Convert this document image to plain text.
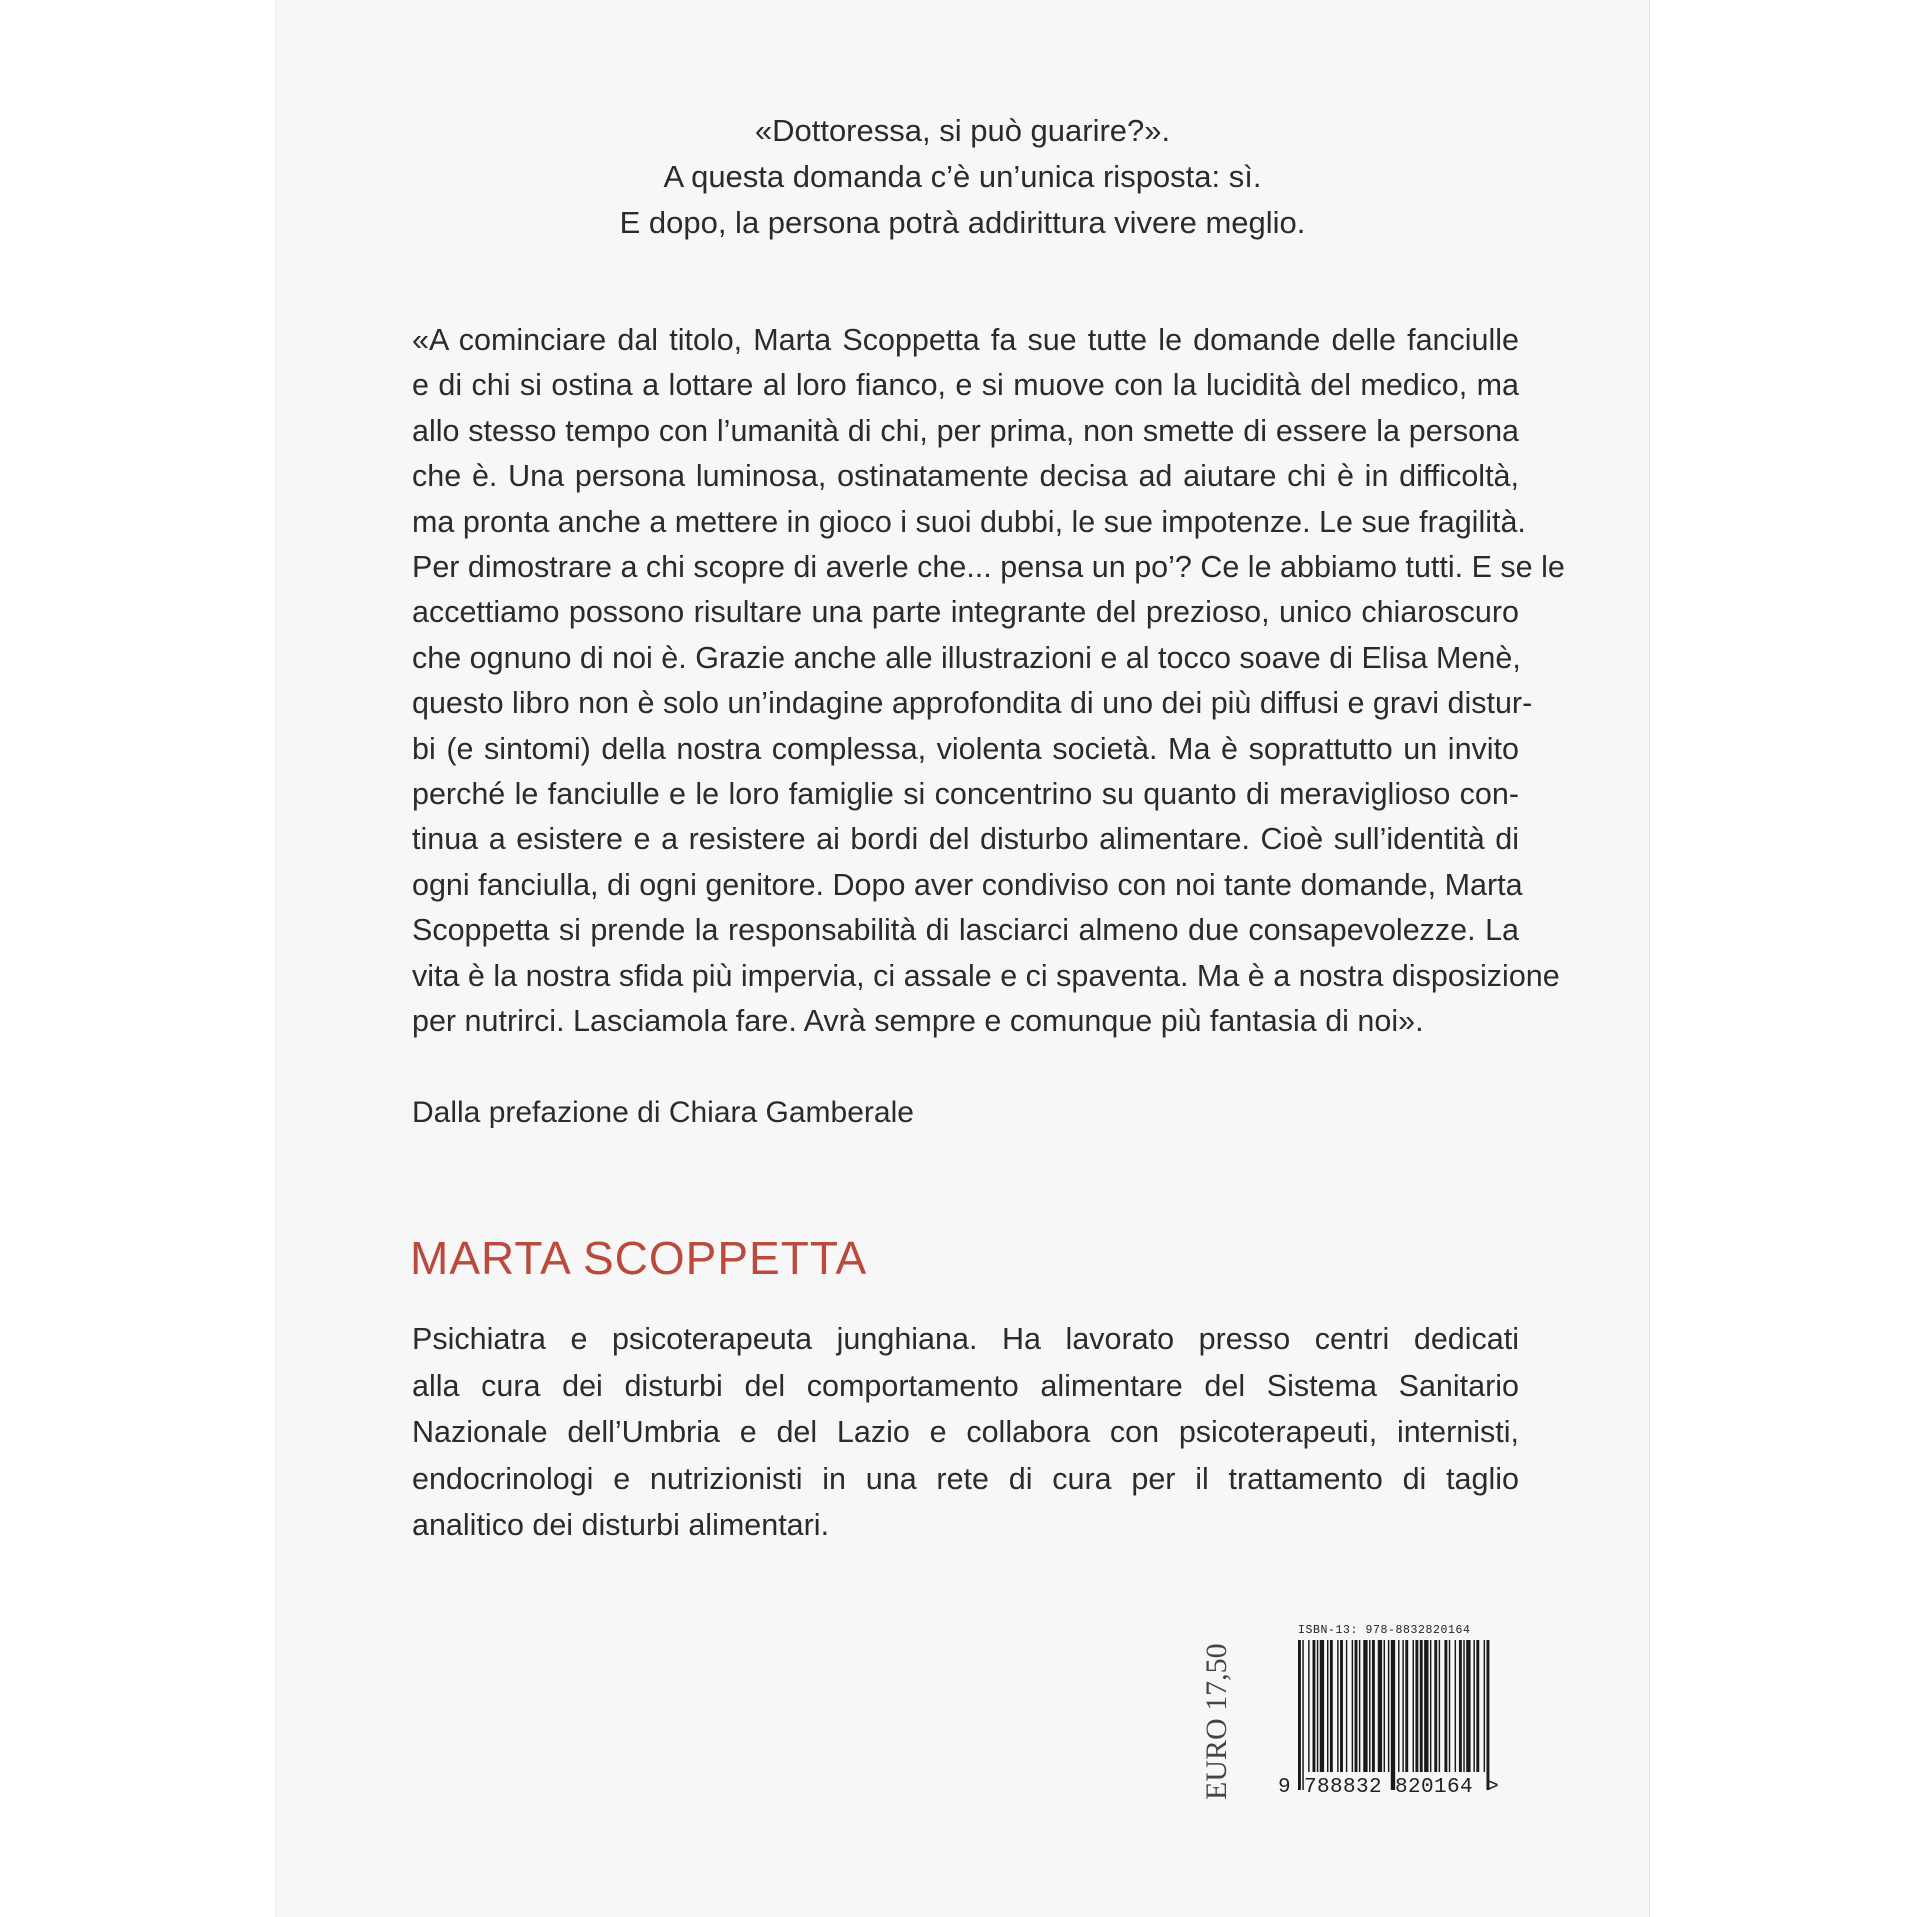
«Dottoressa, si può guarire?».
A questa domanda c’è un’unica risposta: sì.
E dopo, la persona potrà addirittura vivere meglio.
«A cominciare dal titolo, Marta Scoppetta fa sue tutte le domande delle fanciulle
e di chi si ostina a lottare al loro fianco, e si muove con la lucidità del medico, ma
allo stesso tempo con l’umanità di chi, per prima, non smette di essere la persona
che è. Una persona luminosa, ostinatamente decisa ad aiutare chi è in difficoltà,
ma pronta anche a mettere in gioco i suoi dubbi, le sue impotenze. Le sue fragilità.
Per dimostrare a chi scopre di averle che... pensa un po’? Ce le abbiamo tutti. E se le
accettiamo possono risultare una parte integrante del prezioso, unico chiaroscuro
che ognuno di noi è. Grazie anche alle illustrazioni e al tocco soave di Elisa Menè,
questo libro non è solo un’indagine approfondita di uno dei più diffusi e gravi distur-
bi (e sintomi) della nostra complessa, violenta società. Ma è soprattutto un invito
perché le fanciulle e le loro famiglie si concentrino su quanto di meraviglioso con-
tinua a esistere e a resistere ai bordi del disturbo alimentare. Cioè sull’identità di
ogni fanciulla, di ogni genitore. Dopo aver condiviso con noi tante domande, Marta
Scoppetta si prende la responsabilità di lasciarci almeno due consapevolezze. La
vita è la nostra sfida più impervia, ci assale e ci spaventa. Ma è a nostra disposizione
per nutrirci. Lasciamola fare. Avrà sempre e comunque più fantasia di noi».
Dalla prefazione di Chiara Gamberale
MARTA SCOPPETTA
Psichiatra e psicoterapeuta junghiana. Ha lavorato presso centri dedicati
alla cura dei disturbi del comportamento alimentare del Sistema Sanitario
Nazionale dell’Umbria e del Lazio e collabora con psicoterapeuti, internisti,
endocrinologi e nutrizionisti in una rete di cura per il trattamento di taglio
analitico dei disturbi alimentari.
EURO 17,50
ISBN-13: 978-8832820164
9 788832 820164 >
